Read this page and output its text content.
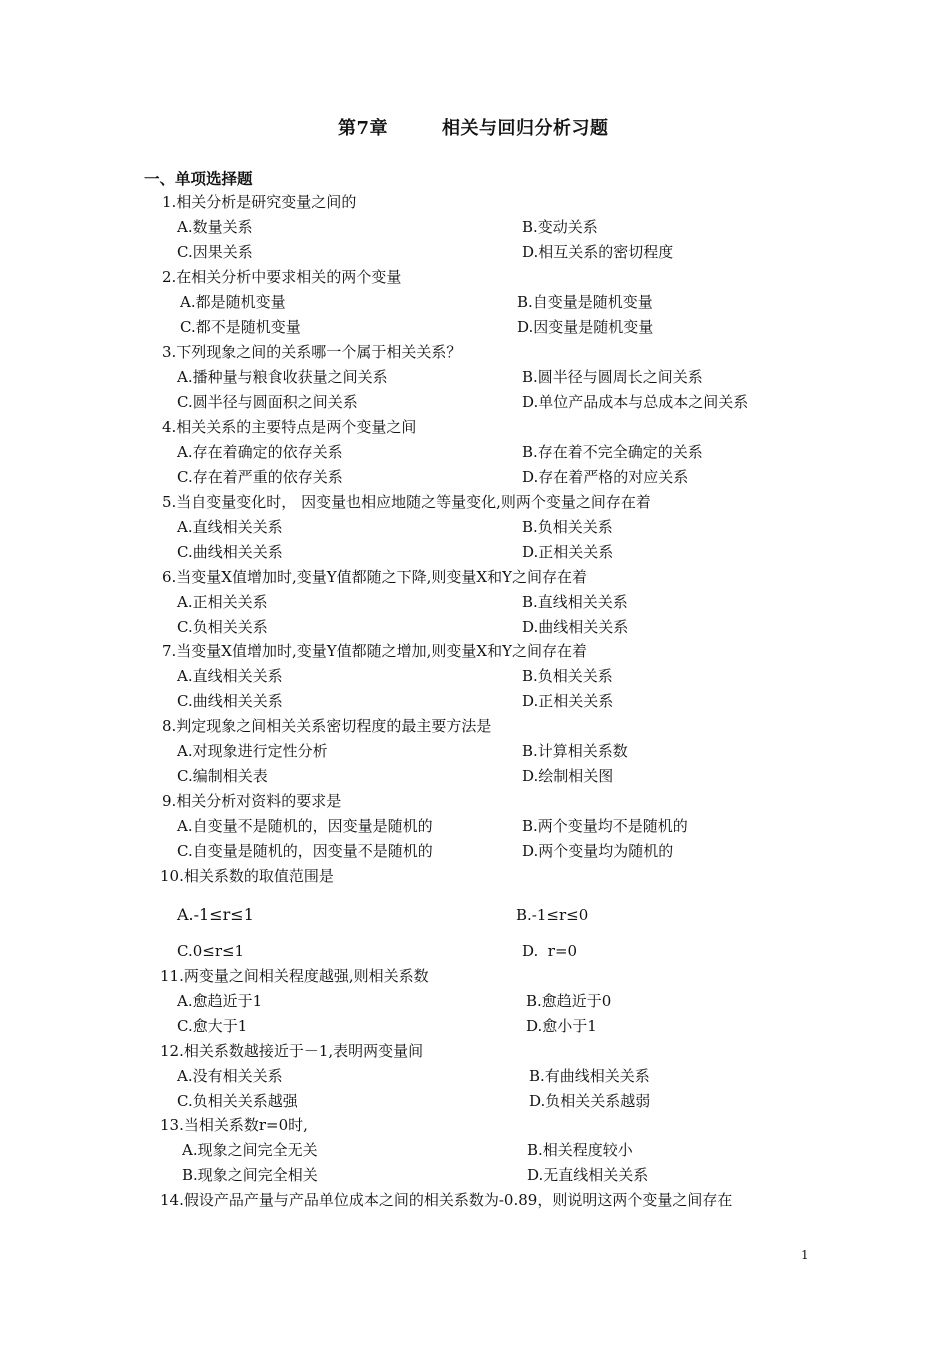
第7章	相关与回归分析习题
一、单项选择题
1.相关分析是研究变量之间的
A.数量关系	B.变动关系
C.因果关系	D.相互关系的密切程度
2.在相关分析中要求相关的两个变量
A.都是随机变量	B.自变量是随机变量
C.都不是随机变量	D.因变量是随机变量
3.下列现象之间的关系哪一个属于相关关系？
A.播种量与粮食收获量之间关系	B.圆半径与圆周长之间关系
C.圆半径与圆面积之间关系	D.单位产品成本与总成本之间关系
4.相关关系的主要特点是两个变量之间
A.存在着确定的依存关系	B.存在着不完全确定的关系
C.存在着严重的依存关系	D.存在着严格的对应关系
5.当自变量变化时， 因变量也相应地随之等量变化,则两个变量之间存在着
A.直线相关关系	B.负相关关系
C.曲线相关关系	D.正相关关系
6.当变量X值增加时,变量Y值都随之下降,则变量X和Y之间存在着
A.正相关关系	B.直线相关关系
C.负相关关系	D.曲线相关关系
7.当变量X值增加时,变量Y值都随之增加,则变量X和Y之间存在着
A.直线相关关系	B.负相关关系
C.曲线相关关系	D.正相关关系
8.判定现象之间相关关系密切程度的最主要方法是
A.对现象进行定性分析	B.计算相关系数
C.编制相关表	D.绘制相关图
9.相关分析对资料的要求是
A.自变量不是随机的，因变量是随机的	B.两个变量均不是随机的
C.自变量是随机的，因变量不是随机的	D.两个变量均为随机的
10.相关系数的取值范围是
A.-1≤r≤1	B.-1≤r≤0
C.0≤r≤1	D.  r=0
11.两变量之间相关程度越强,则相关系数
A.愈趋近于1	B.愈趋近于0
C.愈大于1	D.愈小于1
12.相关系数越接近于－1,表明两变量间
A.没有相关关系	B.有曲线相关关系
C.负相关关系越强	D.负相关关系越弱
13.当相关系数r=0时,
A.现象之间完全无关	B.相关程度较小
B.现象之间完全相关	D.无直线相关关系
14.假设产品产量与产品单位成本之间的相关系数为-0.89，则说明这两个变量之间存在
1
